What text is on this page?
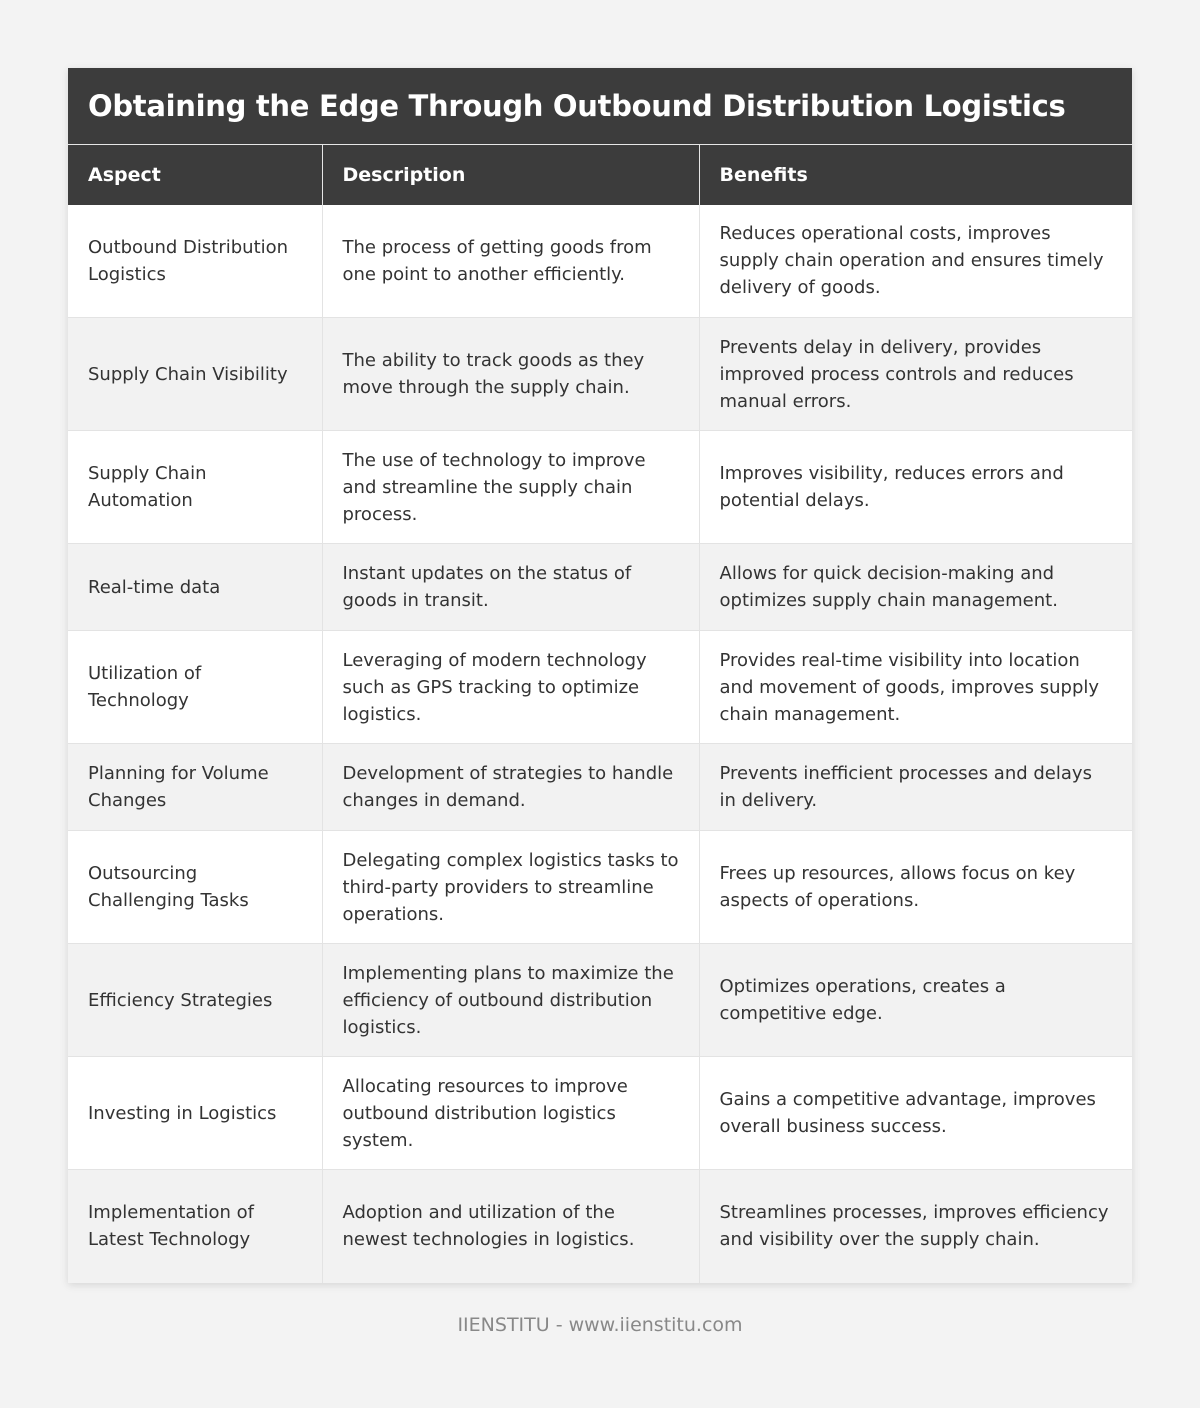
Obtaining the Edge Through Outbound Distribution Logistics
Aspect	Description	Benefits
Outbound Distribution Logistics	The process of getting goods from one point to another efficiently.	Reduces operational costs, improves supply chain operation and ensures timely delivery of goods.
Supply Chain Visibility	The ability to track goods as they move through the supply chain.	Prevents delay in delivery, provides improved process controls and reduces manual errors.
Supply Chain Automation	The use of technology to improve and streamline the supply chain process.	Improves visibility, reduces errors and potential delays.
Real-time data	Instant updates on the status of goods in transit.	Allows for quick decision-making and optimizes supply chain management.
Utilization of Technology	Leveraging of modern technology such as GPS tracking to optimize logistics.	Provides real-time visibility into location and movement of goods, improves supply chain management.
Planning for Volume Changes	Development of strategies to handle changes in demand.	Prevents inefficient processes and delays in delivery.
Outsourcing Challenging Tasks	Delegating complex logistics tasks to third-party providers to streamline operations.	Frees up resources, allows focus on key aspects of operations.
Efficiency Strategies	Implementing plans to maximize the efficiency of outbound distribution logistics.	Optimizes operations, creates a competitive edge.
Investing in Logistics	Allocating resources to improve outbound distribution logistics system.	Gains a competitive advantage, improves overall business success.
Implementation of Latest Technology	Adoption and utilization of the newest technologies in logistics.	Streamlines processes, improves efficiency and visibility over the supply chain.
IIENSTITU - www.iienstitu.com
